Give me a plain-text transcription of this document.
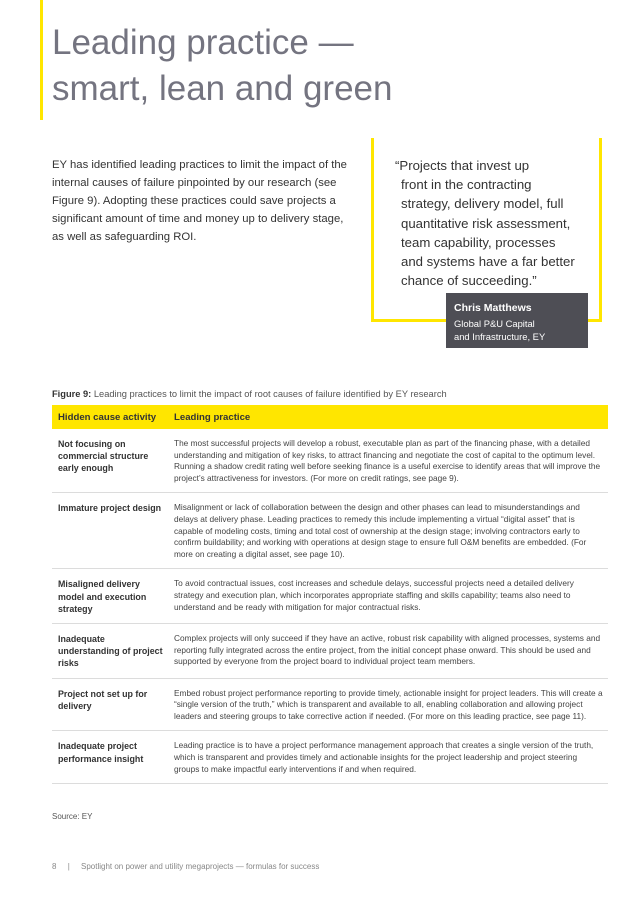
Leading practice —
smart, lean and green

EY has identified leading practices to limit the impact of the internal causes of failure pinpointed by our research (see Figure 9). Adopting these practices could save projects a significant amount of time and money up to delivery stage, as well as safeguarding ROI.

“Projects that invest up
front in the contracting
strategy, delivery model, full
quantitative risk assessment,
team capability, processes
and systems have a far better
chance of succeeding.”
Chris Matthews
Global P&U Capital
and Infrastructure, EY
Figure 9: Leading practices to limit the impact of root causes of failure identified by EY research
Hidden cause activity	Leading practice
Not focusing on commercial structure early enough
The most successful projects will develop a robust, executable plan as part of the financing phase, with a detailed understanding and mitigation of key risks, to attract financing and negotiate the cost of capital to the optimum level. Running a shadow credit rating well before seeking finance is a useful exercise to identify areas that will improve the project’s attractiveness for investors. (For more on credit ratings, see page 9).
Immature project design	Misalignment or lack of collaboration between the design and other phases can lead to misunderstandings and delays at delivery phase. Leading practices to remedy this include implementing a virtual “digital asset” that is capable of modeling costs, timing and total cost of ownership at the design stage; involving contractors early to confirm buildability; and working with operations at design stage to ensure full O&M benefits are embedded. (For more on creating a digital asset, see page 10).
Misaligned delivery model and execution strategy
To avoid contractual issues, cost increases and schedule delays, successful projects need a detailed delivery strategy and execution plan, which incorporates appropriate staffing and skills capability; teams also need to understand and be ready with mitigation for major contractual risks.
Inadequate understanding of project risks
Complex projects will only succeed if they have an active, robust risk capability with aligned processes, systems and reporting fully integrated across the entire project, from the initial concept phase onward. This should be used and supported by everyone from the project board to individual project team members.
Project not set up for delivery
Embed robust project performance reporting to provide timely, actionable insight for project leaders. This will create a “single version of the truth,” which is transparent and available to all, enabling collaboration and allowing project leaders and steering groups to take corrective action if needed. (For more on this leading practice, see page 11).
Inadequate project performance insight
Leading practice is to have a project performance management approach that creates a single version of the truth, which is transparent and provides timely and actionable insights for the project leadership and project steering groups to make impactful early interventions if and when required.
Source: EY
8 | Spotlight on power and utility megaprojects — formulas for success
